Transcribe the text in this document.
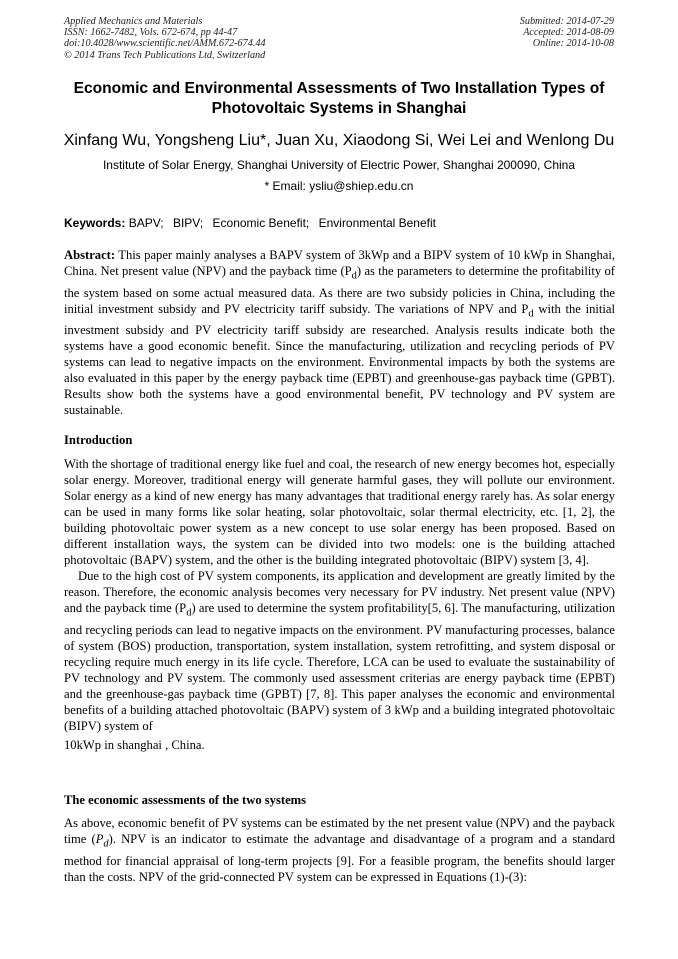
Applied Mechanics and Materials
ISSN: 1662-7482, Vols. 672-674, pp 44-47
doi:10.4028/www.scientific.net/AMM.672-674.44
© 2014 Trans Tech Publications Ltd, Switzerland
Submitted: 2014-07-29
Accepted: 2014-08-09
Online: 2014-10-08
Economic and Environmental Assessments of Two Installation Types of
Photovoltaic Systems in Shanghai
Xinfang Wu, Yongsheng Liu*, Juan Xu, Xiaodong Si, Wei Lei and Wenlong Du
Institute of Solar Energy, Shanghai University of Electric Power, Shanghai 200090, China
* Email: ysliu@shiep.edu.cn
Keywords: BAPV; BIPV; Economic Benefit; Environmental Benefit

Abstract: This paper mainly analyses a BAPV system of 3kWp and a BIPV system of 10 kWp in Shanghai, China. Net present value (NPV) and the payback time $(P_d)$ as the parameters to determine the profitability of the system based on some actual measured data. As there are two subsidy policies in China, including the initial investment subsidy and PV electricity tariff subsidy. The variations of NPV and $P_d$ with the initial investment subsidy and PV electricity tariff subsidy are researched. Analysis results indicate both the systems have a good economic benefit. Since the manufacturing, utilization and recycling periods of PV systems can lead to negative impacts on the environment. Environmental impacts by both the systems are also evaluated in this paper by the energy payback time (EPBT) and greenhouse-gas payback time (GPBT). Results show both the systems have a good environmental benefit, PV technology and PV system are sustainable.

Introduction

With the shortage of traditional energy like fuel and coal, the research of new energy becomes hot, especially solar energy. Moreover, traditional energy will generate harmful gases, they will pollute our environment. Solar energy as a kind of new energy has many advantages that traditional energy rarely has. As solar energy can be used in many forms like solar heating, solar photovoltaic, solar thermal electricity, etc. [1, 2], the building photovoltaic power system as a new concept to use solar energy has been proposed. Based on different installation ways, the system can be divided into two models: one is the building attached photovoltaic (BAPV) system, and the other is the building integrated photovoltaic (BIPV) system [3, 4].

Due to the high cost of PV system components, its application and development are greatly limited by the reason. Therefore, the economic analysis becomes very necessary for PV industry. Net present value (NPV) and the payback time $(P_d)$ are used to determine the system profitability[5, 6]. The manufacturing, utilization and recycling periods can lead to negative impacts on the environment. PV manufacturing processes, balance of system (BOS) production, transportation, system installation, system retrofitting, and system disposal or recycling require much energy in its life cycle. Therefore, LCA can be used to evaluate the sustainability of PV technology and PV system. The commonly used assessment criterias are energy payback time (EPBT) and the greenhouse-gas payback time (GPBT) [7, 8]. This paper analyses the economic and environmental benefits of a building attached photovoltaic (BAPV) system of 3 kWp and a building integrated photovoltaic (BIPV) system of

10kWp in shanghai , China.

The economic assessments of the two systems

As above, economic benefit of PV systems can be estimated by the net present value (NPV) and the payback time $(P_d)$. NPV is an indicator to estimate the advantage and disadvantage of a program and a standard method for financial appraisal of long-term projects [9]. For a feasible program, the benefits should larger than the costs. NPV of the grid-connected PV system can be expressed in Equations (1)-(3):
